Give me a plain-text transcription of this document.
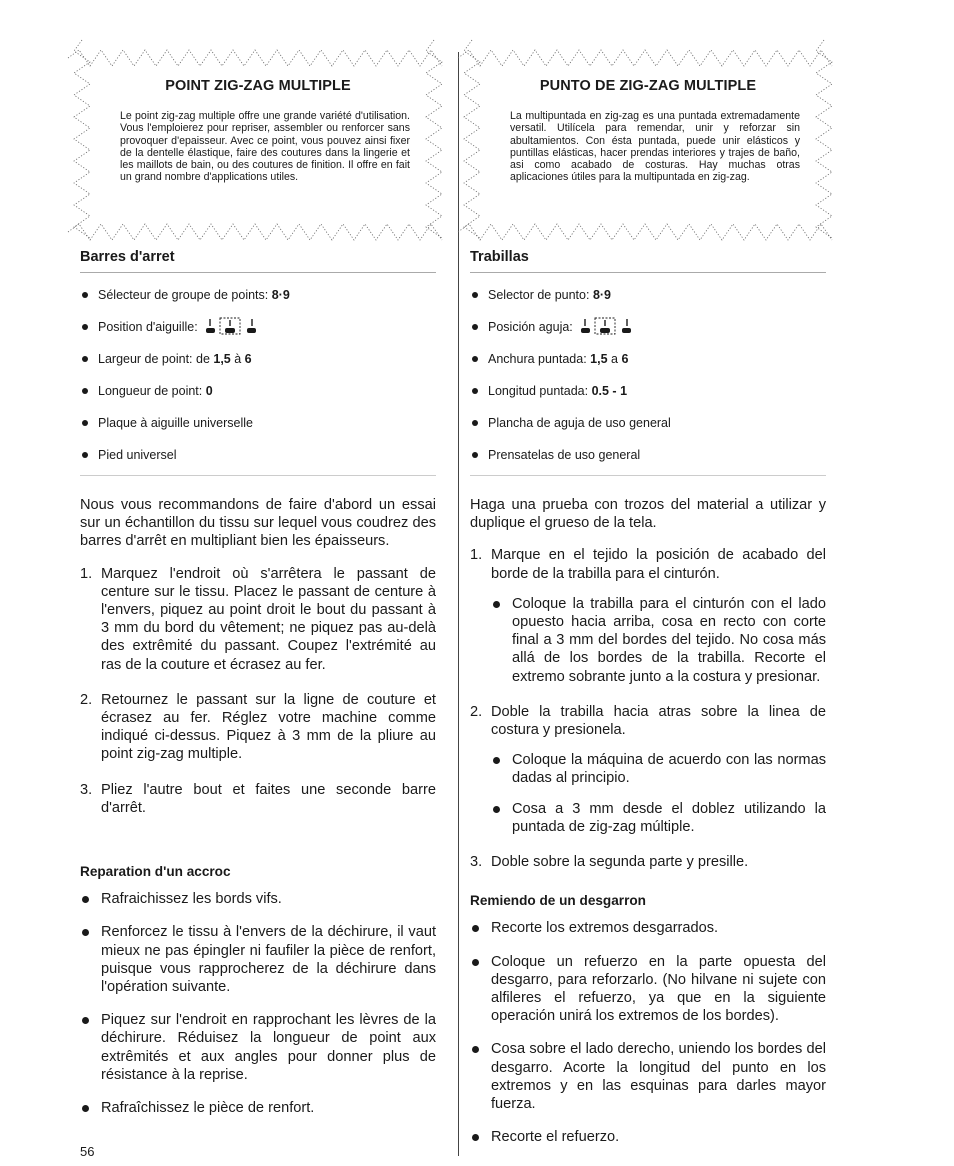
POINT ZIG-ZAG MULTIPLE
Le point zig-zag multiple offre une grande variété d'utilisation. Vous l'emploierez pour repriser, assembler ou renforcer sans provoquer d'epaisseur. Avec ce point, vous pouvez ainsi fixer de la dentelle élastique, faire des coutures dans la lingerie et les maillots de bain, ou des coutures de finition. Il offre en fait un grand nombre d'applications utiles.
Barres d'arret
Sélecteur de groupe de points: 8·9
Position d'aiguille:
Largeur de point: de 1,5 à 6
Longueur de point: 0
Plaque à aiguille universelle
Pied universel

Nous vous recommandons de faire d'abord un essai sur un échantillon du tissu sur lequel vous coudrez des barres d'arrêt en multipliant bien les épaisseurs.

1. Marquez l'endroit où s'arrêtera le passant de centure sur le tissu. Placez le passant de centure à l'envers, piquez au point droit le bout du passant à 3 mm du bord du vêtement; ne piquez pas au-delà des extrêmité du passant. Coupez l'extrémité au ras de la couture et écrasez au fer.
2. Retournez le passant sur la ligne de couture et écrasez au fer. Réglez votre machine comme indiqué ci-dessus. Piquez à 3 mm de la pliure au point zig-zag multiple.
3. Pliez l'autre bout et faites une seconde barre d'arrêt.
Reparation d'un accroc
Rafraichissez les bords vifs.
Renforcez le tissu à l'envers de la déchirure, il vaut mieux ne pas épingler ni faufiler la pièce de renfort, puisque vous rapprocherez de la déchirure dans l'opération suivante.
Piquez sur l'endroit en rapprochant les lèvres de la déchirure. Réduisez la longueur de point aux extrêmités et aux angles pour donner plus de résistance à la reprise.
Rafraîchissez le pièce de renfort.
PUNTO DE ZIG-ZAG MULTIPLE
La multipuntada en zig-zag es una puntada extremadamente versatil. Utilícela para remendar, unir y reforzar sin abultamientos. Con ésta puntada, puede unir elásticos y puntillas elásticas, hacer prendas interiores y trajes de baño, asi como acabado de costuras. Hay muchas otras aplicaciones útiles para la multipuntada en zig-zag.
Trabillas
Selector de punto: 8·9
Posición aguja:
Anchura puntada: 1,5 a 6
Longitud puntada: 0.5 - 1
Plancha de aguja de uso general
Prensatelas de uso general

Haga una prueba con trozos del material a utilizar y duplique el grueso de la tela.

1. Marque en el tejido la posición de acabado del borde de la trabilla para el cinturón.
Coloque la trabilla para el cinturón con el lado opuesto hacia arriba, cosa en recto con corte final a 3 mm del bordes del tejido. No cosa más allá de los bordes de la trabilla. Recorte el extremo sobrante junto a la costura y presionar.
2. Doble la trabilla hacia atras sobre la linea de costura y presionela.
Coloque la máquina de acuerdo con las normas dadas al principio.
Cosa a 3 mm desde el doblez utilizando la puntada de zig-zag múltiple.
3. Doble sobre la segunda parte y presille.
Remiendo de un desgarron
Recorte los extremos desgarrados.
Coloque un refuerzo en la parte opuesta del desgarro, para reforzarlo. (No hilvane ni sujete con alfileres el refuerzo, ya que en la siguiente operación unirá los extremos de los bordes).
Cosa sobre el lado derecho, uniendo los bordes del desgarro. Acorte la longitud del punto en los extremos y en las esquinas para darles mayor fuerza.
Recorte el refuerzo.
56
